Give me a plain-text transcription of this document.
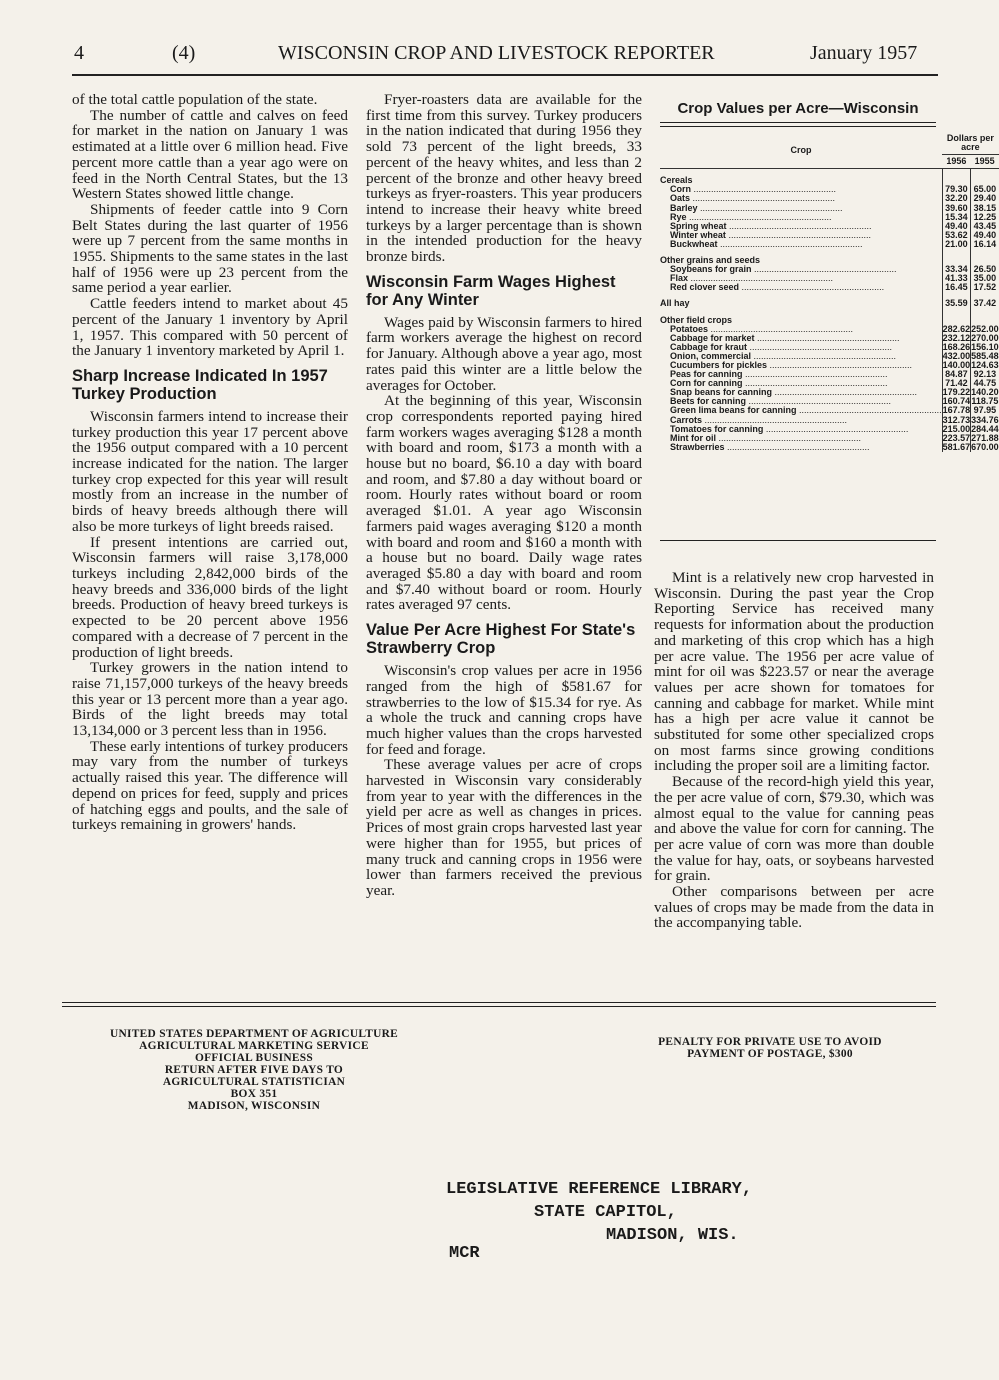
4	(4)	WISCONSIN CROP AND LIVESTOCK REPORTER	January 1957

of the total cattle population of the state.

The number of cattle and calves on feed for market in the nation on January 1 was estimated at a little over 6 million head. Five percent more cattle than a year ago were on feed in the North Central States, but the 13 Western States showed little change.

Shipments of feeder cattle into 9 Corn Belt States during the last quarter of 1956 were up 7 percent from the same months in 1955. Shipments to the same states in the last half of 1956 were up 23 percent from the same period a year earlier.

Cattle feeders intend to market about 45 percent of the January 1 inventory by April 1, 1957. This compared with 50 percent of the January 1 inventory marketed by April 1.

Sharp Increase Indicated In 1957 Turkey Production

Wisconsin farmers intend to increase their turkey production this year 17 percent above the 1956 output compared with a 10 percent increase indicated for the nation. The larger turkey crop expected for this year will result mostly from an increase in the number of birds of heavy breeds although there will also be more turkeys of light breeds raised.

If present intentions are carried out, Wisconsin farmers will raise 3,178,000 turkeys including 2,842,000 birds of the heavy breeds and 336,000 birds of the light breeds. Production of heavy breed turkeys is expected to be 20 percent above 1956 compared with a decrease of 7 percent in the production of light breeds.

Turkey growers in the nation intend to raise 71,157,000 turkeys of the heavy breeds this year or 13 percent more than a year ago. Birds of the light breeds may total 13,134,000 or 3 percent less than in 1956.

These early intentions of turkey producers may vary from the number of turkeys actually raised this year. The difference will depend on prices for feed, supply and prices of hatching eggs and poults, and the sale of turkeys remaining in growers' hands.

Fryer-roasters data are available for the first time from this survey. Turkey producers in the nation indicated that during 1956 they sold 73 percent of the light breeds, 33 percent of the heavy whites, and less than 2 percent of the bronze and other heavy breed turkeys as fryer-roasters. This year producers intend to increase their heavy white breed turkeys by a larger percentage than is shown in the intended production for the heavy bronze birds.

Wisconsin Farm Wages Highest for Any Winter

Wages paid by Wisconsin farmers to hired farm workers average the highest on record for January. Although above a year ago, most rates paid this winter are a little below the averages for October.

At the beginning of this year, Wisconsin crop correspondents reported paying hired farm workers wages averaging $128 a month with board and room, $173 a month with a house but no board, $6.10 a day with board and room, and $7.80 a day without board or room. Hourly rates without board or room averaged $1.01. A year ago Wisconsin farmers paid wages averaging $120 a month with board and room and $160 a month with a house but no board. Daily wage rates averaged $5.80 a day with board and room and $7.40 without board or room. Hourly rates averaged 97 cents.

Value Per Acre Highest For State's Strawberry Crop

Wisconsin's crop values per acre in 1956 ranged from the high of $581.67 for strawberries to the low of $15.34 for rye. As a whole the truck and canning crops have much higher values than the crops harvested for feed and forage.

These average values per acre of crops harvested in Wisconsin vary considerably from year to year with the differences in the yield per acre as well as changes in prices. Prices of most grain crops harvested last year were higher than for 1955, but prices of many truck and canning crops in 1956 were lower than farmers received the previous year.

Crop Values per Acre—Wisconsin
Crop	Dollars per acre	
	1956	1955
Cereals		
Corn .....	79.30	65.00
Oats .....	32.20	29.40
Barley .....	39.60	38.15
Rye .....	15.34	12.25
Spring wheat .....	49.40	43.45
Winter wheat .....	53.62	49.40
Buckwheat .....	21.00	16.14
Other grains and seeds		
Soybeans for grain .....	33.34	26.50
Flax .....	41.33	35.00
Red clover seed .....	16.45	17.52
All hay	35.59	37.42
Other field crops		
Potatoes .....	282.62	252.00
Cabbage for market .....	232.12	270.00
Cabbage for kraut .....	168.26	156.10
Onion, commercial .....	432.00	585.48
Cucumbers for pickles .....	140.00	124.63
Peas for canning .....	84.87	92.13
Corn for canning .....	71.42	44.75
Snap beans for canning .....	179.22	140.20
Beets for canning .....	160.74	118.75
Green lima beans for canning .....	167.78	97.95
Carrots .....	312.73	334.76
Tomatoes for canning .....	215.00	284.44
Mint for oil .....	223.57	271.88
Strawberries .....	581.67	670.00

Mint is a relatively new crop harvested in Wisconsin. During the past year the Crop Reporting Service has received many requests for information about the production and marketing of this crop which has a high per acre value. The 1956 per acre value of mint for oil was $223.57 or near the average values per acre shown for tomatoes for canning and cabbage for market. While mint has a high per acre value it cannot be substituted for some other specialized crops on most farms since growing conditions including the proper soil are a limiting factor.

Because of the record-high yield this year, the per acre value of corn, $79.30, which was almost equal to the value for canning peas and above the value for corn for canning. The per acre value of corn was more than double the value for hay, oats, or soybeans harvested for grain.

Other comparisons between per acre values of crops may be made from the data in the accompanying table.

UNITED STATES DEPARTMENT OF AGRICULTURE
AGRICULTURAL MARKETING SERVICE
OFFICIAL BUSINESS
RETURN AFTER FIVE DAYS TO
AGRICULTURAL STATISTICIAN
BOX 351
MADISON, WISCONSIN
PENALTY FOR PRIVATE USE TO AVOID
PAYMENT OF POSTAGE, $300
LEGISLATIVE REFERENCE LIBRARY,
STATE CAPITOL,
MADISON, WIS.
MCR
